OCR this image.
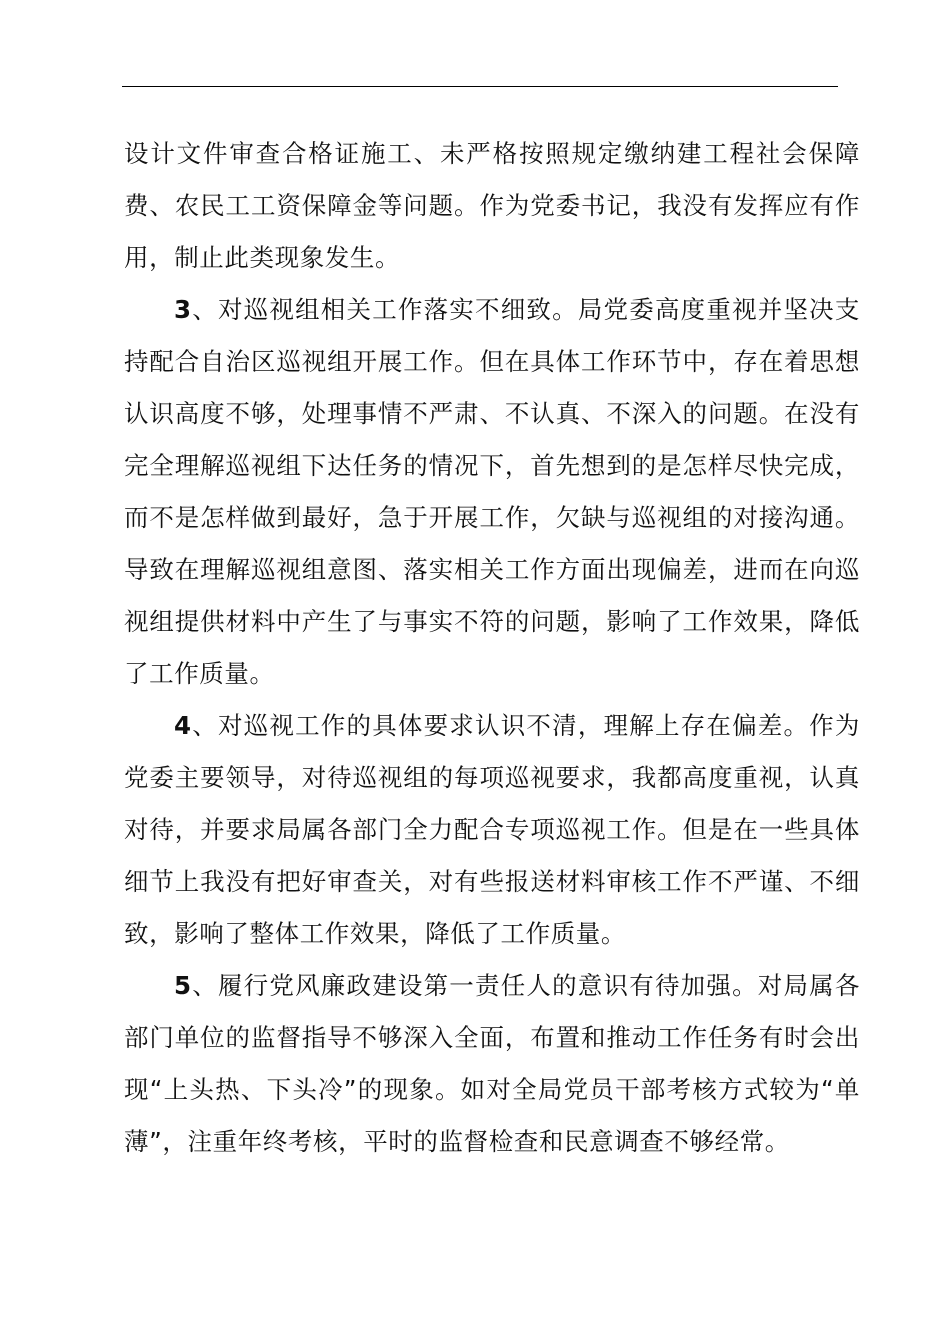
设计文件审查合格证施工、未严格按照规定缴纳建工程社会保障费、农民工工资保障金等问题。作为党委书记，我没有发挥应有作用，制止此类现象发生。

3、对巡视组相关工作落实不细致。局党委高度重视并坚决支持配合自治区巡视组开展工作。但在具体工作环节中，存在着思想认识高度不够，处理事情不严肃、不认真、不深入的问题。在没有完全理解巡视组下达任务的情况下，首先想到的是怎样尽快完成，而不是怎样做到最好，急于开展工作，欠缺与巡视组的对接沟通。导致在理解巡视组意图、落实相关工作方面出现偏差，进而在向巡视组提供材料中产生了与事实不符的问题，影响了工作效果，降低了工作质量。

4、对巡视工作的具体要求认识不清，理解上存在偏差。作为党委主要领导，对待巡视组的每项巡视要求，我都高度重视，认真对待，并要求局属各部门全力配合专项巡视工作。但是在一些具体细节上我没有把好审查关，对有些报送材料审核工作不严谨、不细致，影响了整体工作效果，降低了工作质量。

5、履行党风廉政建设第一责任人的意识有待加强。对局属各部门单位的监督指导不够深入全面，布置和推动工作任务有时会出现“上头热、下头冷”的现象。如对全局党员干部考核方式较为“单薄”，注重年终考核，平时的监督检查和民意调查不够经常。
